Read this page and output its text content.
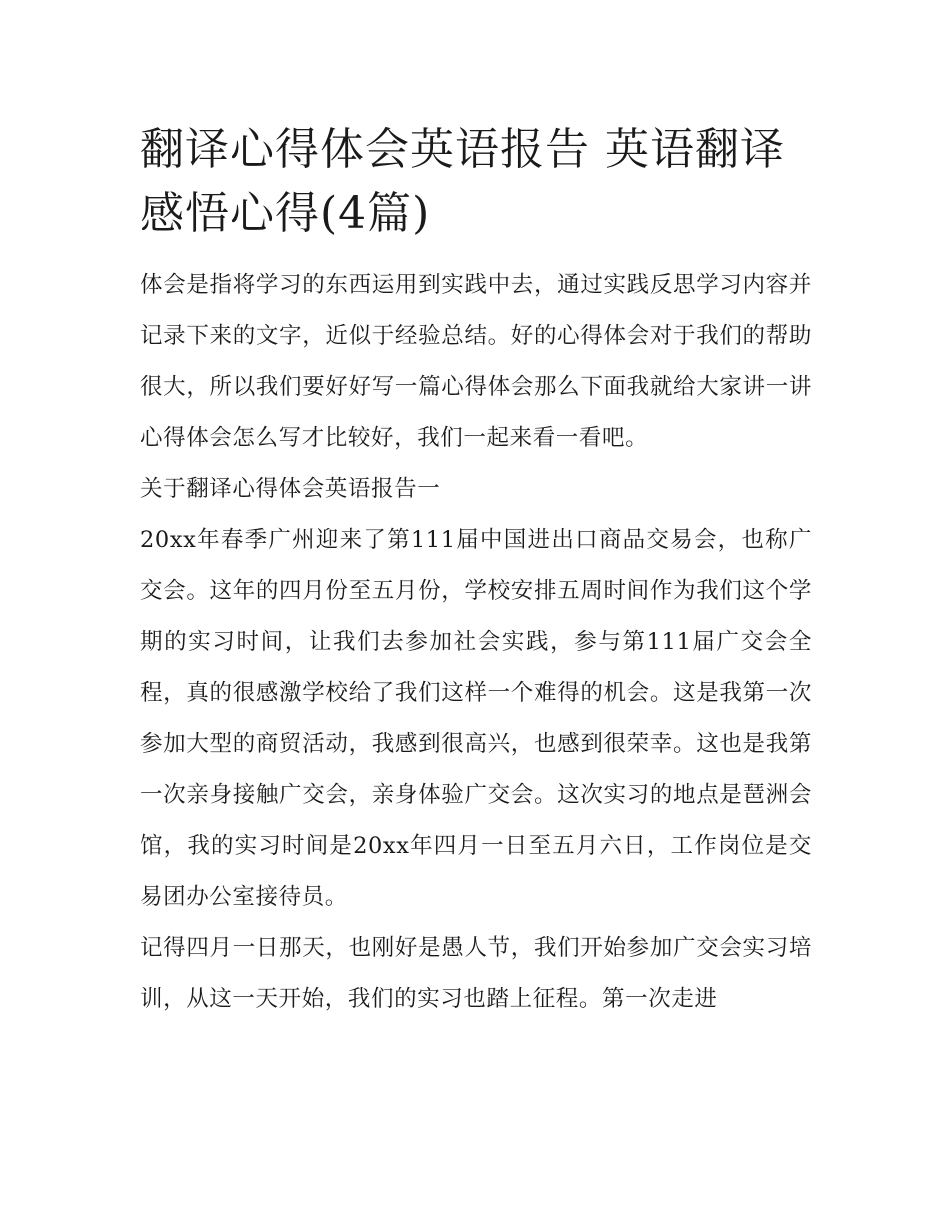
翻译心得体会英语报告 英语翻译感悟心得(4篇)

体会是指将学习的东西运用到实践中去，通过实践反思学习内容并记录下来的文字，近似于经验总结。好的心得体会对于我们的帮助很大，所以我们要好好写一篇心得体会那么下面我就给大家讲一讲心得体会怎么写才比较好，我们一起来看一看吧。

关于翻译心得体会英语报告一

20xx年春季广州迎来了第111届中国进出口商品交易会，也称广交会。这年的四月份至五月份，学校安排五周时间作为我们这个学期的实习时间，让我们去参加社会实践，参与第111届广交会全程，真的很感激学校给了我们这样一个难得的机会。这是我第一次参加大型的商贸活动，我感到很高兴，也感到很荣幸。这也是我第一次亲身接触广交会，亲身体验广交会。这次实习的地点是琶洲会馆，我的实习时间是20xx年四月一日至五月六日，工作岗位是交易团办公室接待员。

记得四月一日那天，也刚好是愚人节，我们开始参加广交会实习培训，从这一天开始，我们的实习也踏上征程。第一次走进
